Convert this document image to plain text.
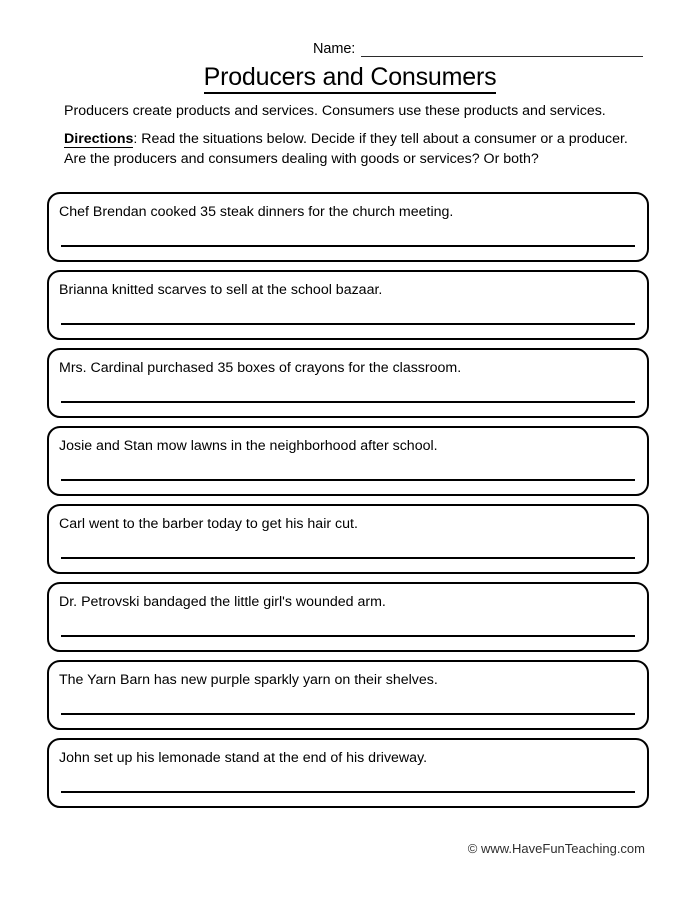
Name:
Producers and Consumers
Producers create products and services. Consumers use these products and services.
Directions: Read the situations below. Decide if they tell about a consumer or a producer. Are the producers and consumers dealing with goods or services? Or both?
Chef Brendan cooked 35 steak dinners for the church meeting.
Brianna knitted scarves to sell at the school bazaar.
Mrs. Cardinal purchased 35 boxes of crayons for the classroom.
Josie and Stan mow lawns in the neighborhood after school.
Carl went to the barber today to get his hair cut.
Dr. Petrovski bandaged the little girl's wounded arm.
The Yarn Barn has new purple sparkly yarn on their shelves.
John set up his lemonade stand at the end of his driveway.
© www.HaveFunTeaching.com
